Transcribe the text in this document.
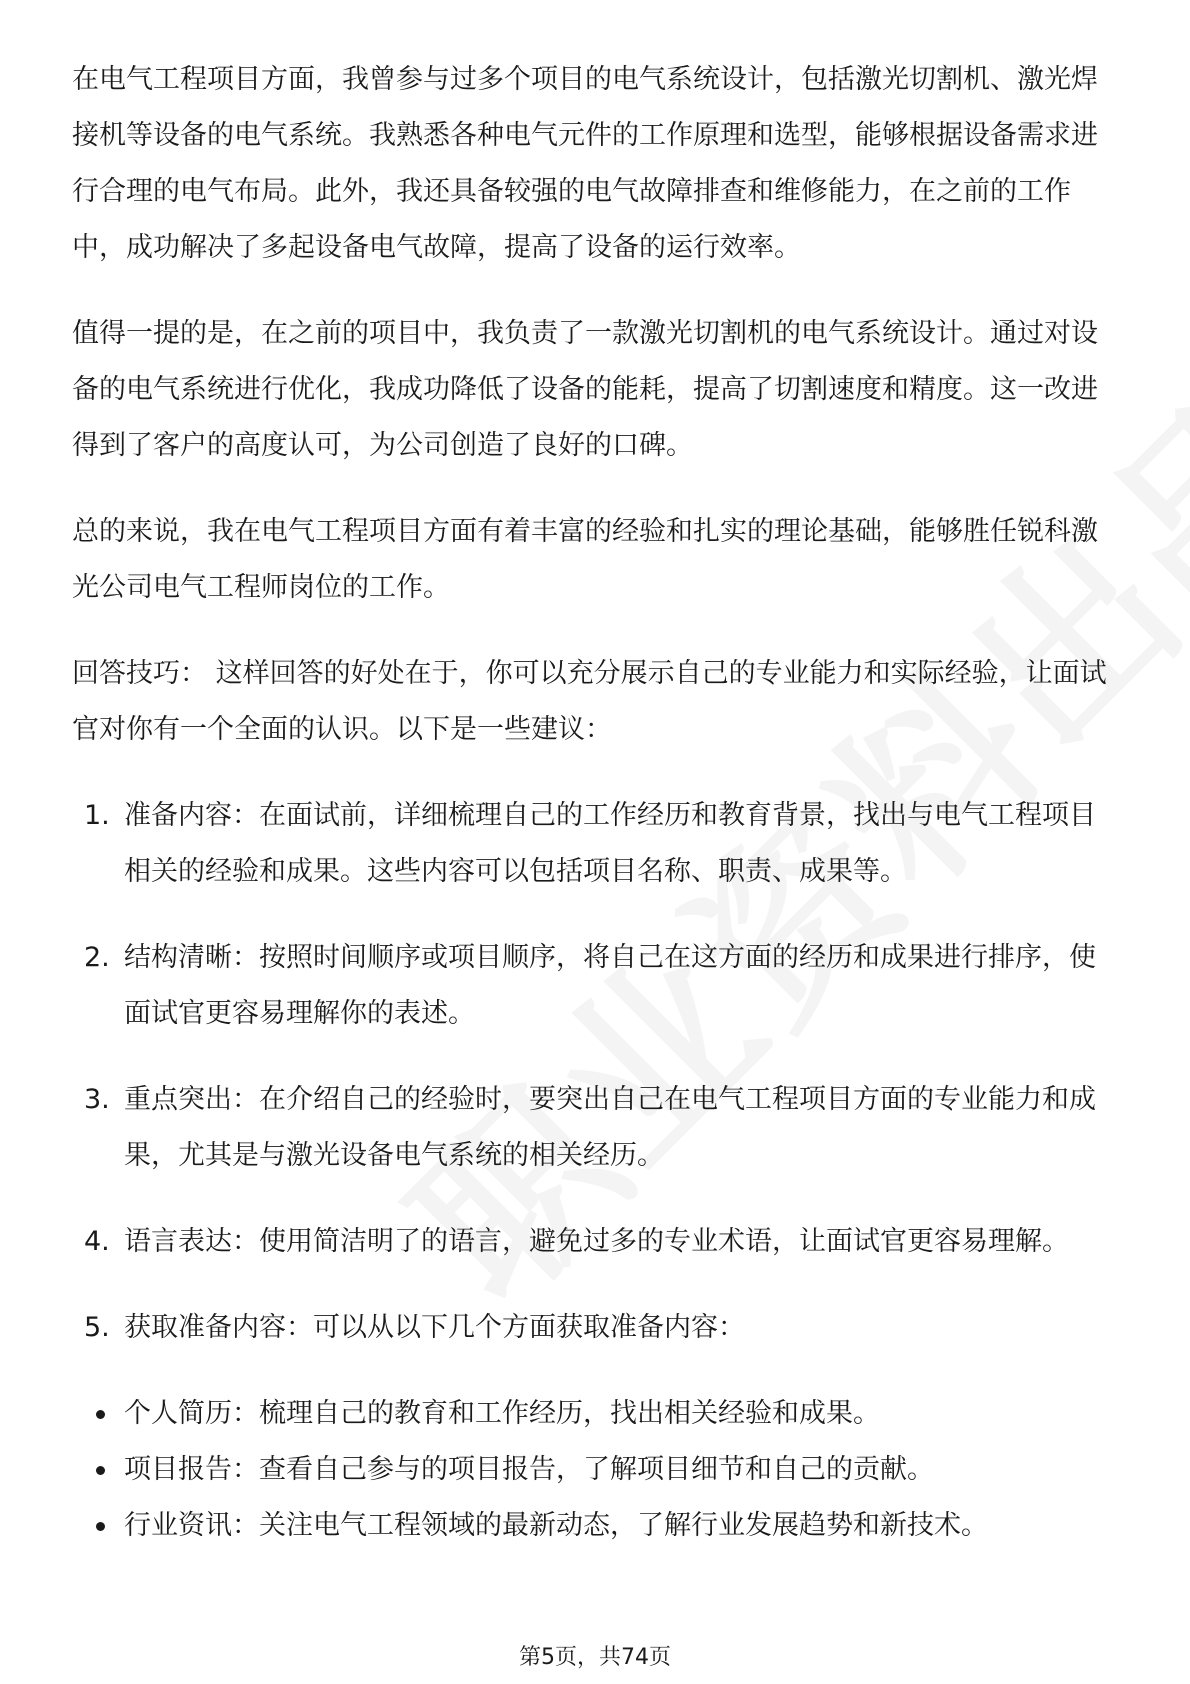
在电气工程项目方面，我曾参与过多个项目的电气系统设计，包括激光切割机、激光焊接机等设备的电气系统。我熟悉各种电气元件的工作原理和选型，能够根据设备需求进行合理的电气布局。此外，我还具备较强的电气故障排查和维修能力，在之前的工作中，成功解决了多起设备电气故障，提高了设备的运行效率。

值得一提的是，在之前的项目中，我负责了一款激光切割机的电气系统设计。通过对设备的电气系统进行优化，我成功降低了设备的能耗，提高了切割速度和精度。这一改进得到了客户的高度认可，为公司创造了良好的口碑。

总的来说，我在电气工程项目方面有着丰富的经验和扎实的理论基础，能够胜任锐科激光公司电气工程师岗位的工作。

回答技巧： 这样回答的好处在于，你可以充分展示自己的专业能力和实际经验，让面试官对你有一个全面的认识。以下是一些建议：

1. 准备内容：在面试前，详细梳理自己的工作经历和教育背景，找出与电气工程项目相关的经验和成果。这些内容可以包括项目名称、职责、成果等。
2. 结构清晰：按照时间顺序或项目顺序，将自己在这方面的经历和成果进行排序，使面试官更容易理解你的表述。
3. 重点突出：在介绍自己的经验时，要突出自己在电气工程项目方面的专业能力和成果，尤其是与激光设备电气系统的相关经历。
4. 语言表达：使用简洁明了的语言，避免过多的专业术语，让面试官更容易理解。
5. 获取准备内容：可以从以下几个方面获取准备内容：
个人简历：梳理自己的教育和工作经历，找出相关经验和成果。
项目报告：查看自己参与的项目报告，了解项目细节和自己的贡献。
行业资讯：关注电气工程领域的最新动态，了解行业发展趋势和新技术。
第5页，共74页
